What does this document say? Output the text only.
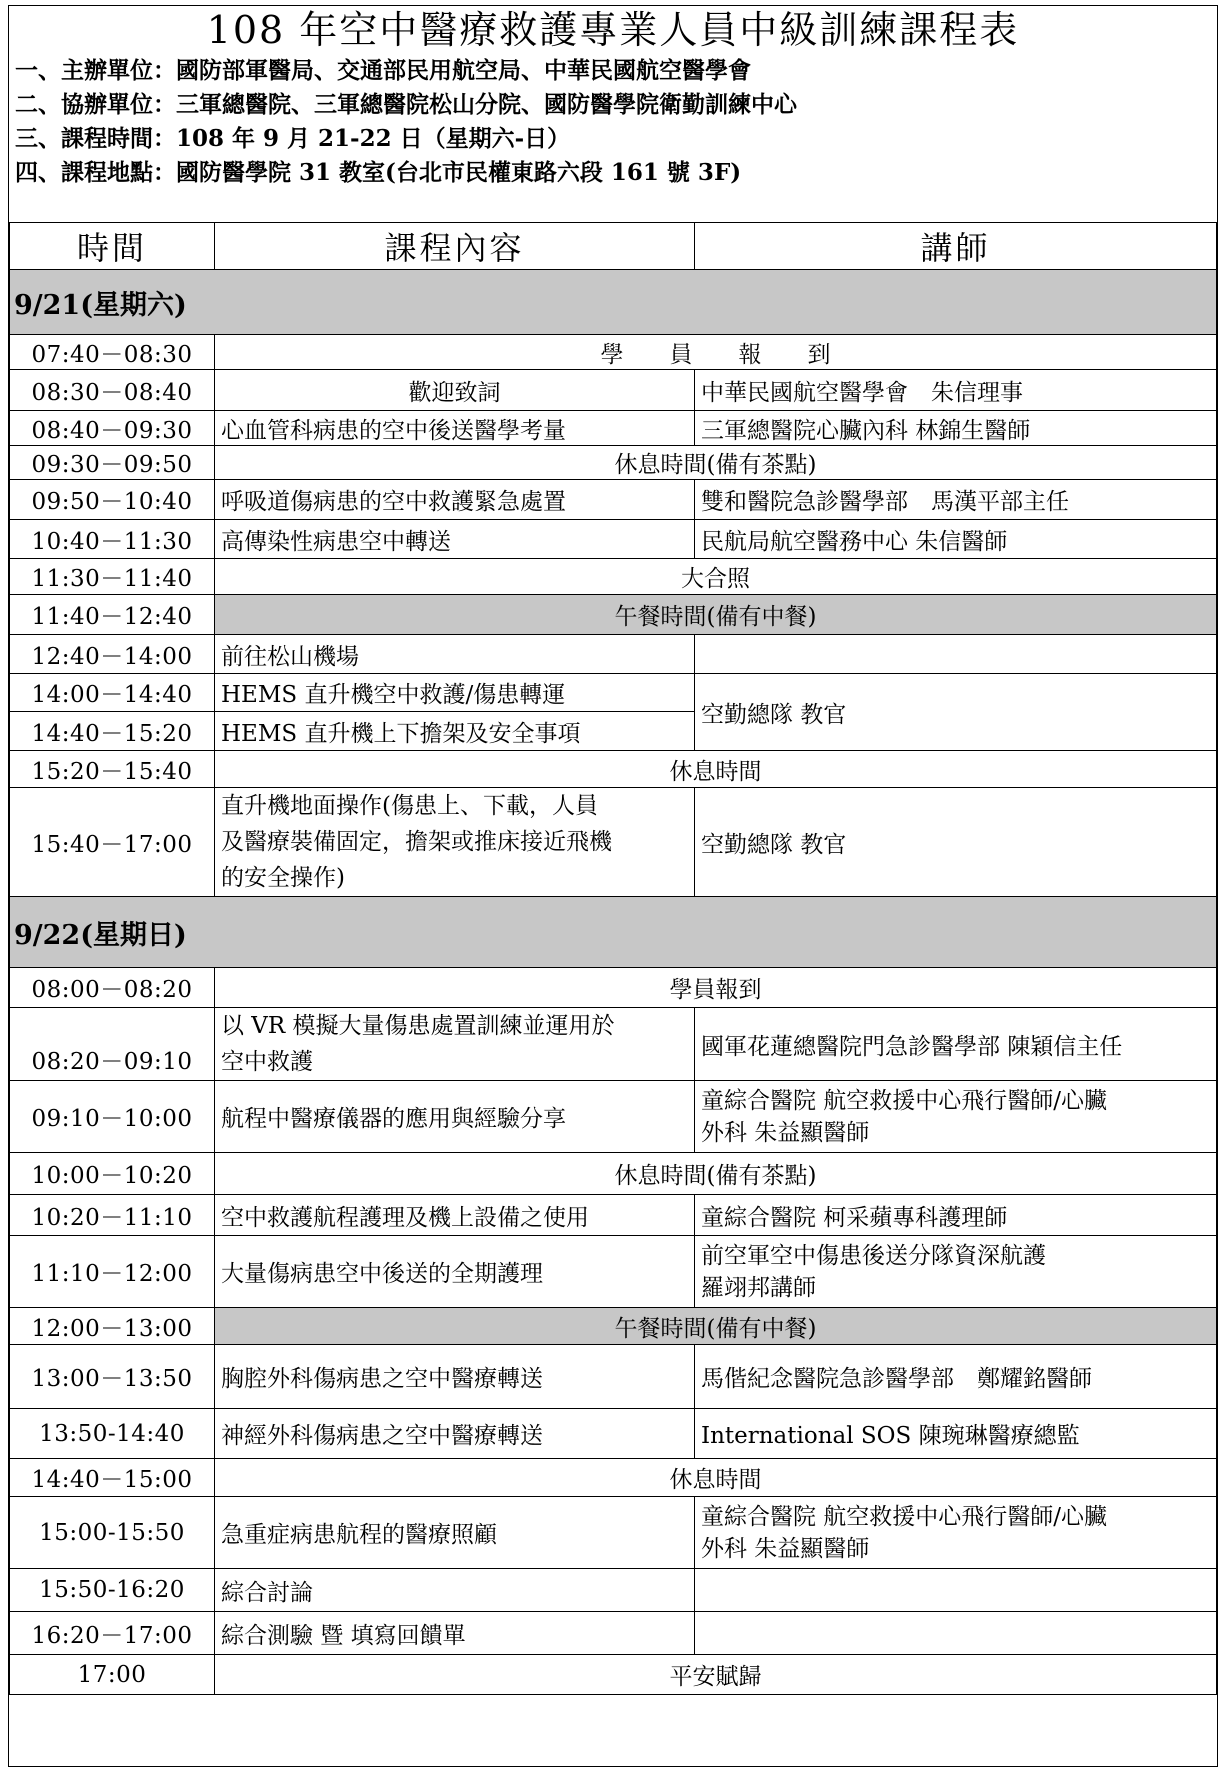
108 年空中醫療救護專業人員中級訓練課程表
一、主辦單位：國防部軍醫局、交通部民用航空局、中華民國航空醫學會
二、協辦單位：三軍總醫院、三軍總醫院松山分院、國防醫學院衛勤訓練中心
三、課程時間：108 年 9 月 21-22 日（星期六-日）
四、課程地點：國防醫學院 31 教室(台北市民權東路六段 161 號 3F)
時間	課程內容	講師
9/21(星期六)		
07:40－08:30	學　　員　　報　　到	
08:30－08:40	歡迎致詞	中華民國航空醫學會　朱信理事
08:40－09:30	心血管科病患的空中後送醫學考量	三軍總醫院心臟內科 林錦生醫師
09:30－09:50	休息時間(備有茶點)	
09:50－10:40	呼吸道傷病患的空中救護緊急處置	雙和醫院急診醫學部　馬漢平部主任
10:40－11:30	高傳染性病患空中轉送	民航局航空醫務中心 朱信醫師
11:30－11:40	大合照	
11:40－12:40	午餐時間(備有中餐)	
12:40－14:00	前往松山機場	
14:00－14:40	HEMS 直升機空中救護/傷患轉運	空勤總隊 教官
14:40－15:20	HEMS 直升機上下擔架及安全事項	
15:20－15:40	休息時間	
15:40－17:00	直升機地面操作(傷患上、下載，人員
及醫療裝備固定，擔架或推床接近飛機
的安全操作)	空勤總隊 教官
9/22(星期日)		
08:00－08:20	學員報到	
08:20－09:10	以 VR 模擬大量傷患處置訓練並運用於
空中救護	國軍花蓮總醫院門急診醫學部 陳穎信主任
09:10－10:00	航程中醫療儀器的應用與經驗分享	童綜合醫院 航空救援中心飛行醫師/心臟
外科 朱益顯醫師

10:00－10:20	休息時間(備有茶點)	
10:20－11:10	空中救護航程護理及機上設備之使用	童綜合醫院 柯采蘋專科護理師
11:10－12:00	大量傷病患空中後送的全期護理	前空軍空中傷患後送分隊資深航護
羅翊邦講師

12:00－13:00	午餐時間(備有中餐)	
13:00－13:50	胸腔外科傷病患之空中醫療轉送	馬偕紀念醫院急診醫學部　鄭耀銘醫師
13:50-14:40	神經外科傷病患之空中醫療轉送	International SOS 陳琬琳醫療總監
14:40－15:00	休息時間	
15:00-15:50	急重症病患航程的醫療照顧	童綜合醫院 航空救援中心飛行醫師/心臟
外科 朱益顯醫師

15:50-16:20	綜合討論	
16:20－17:00	綜合測驗 暨 填寫回饋單	
17:00	平安賦歸	
